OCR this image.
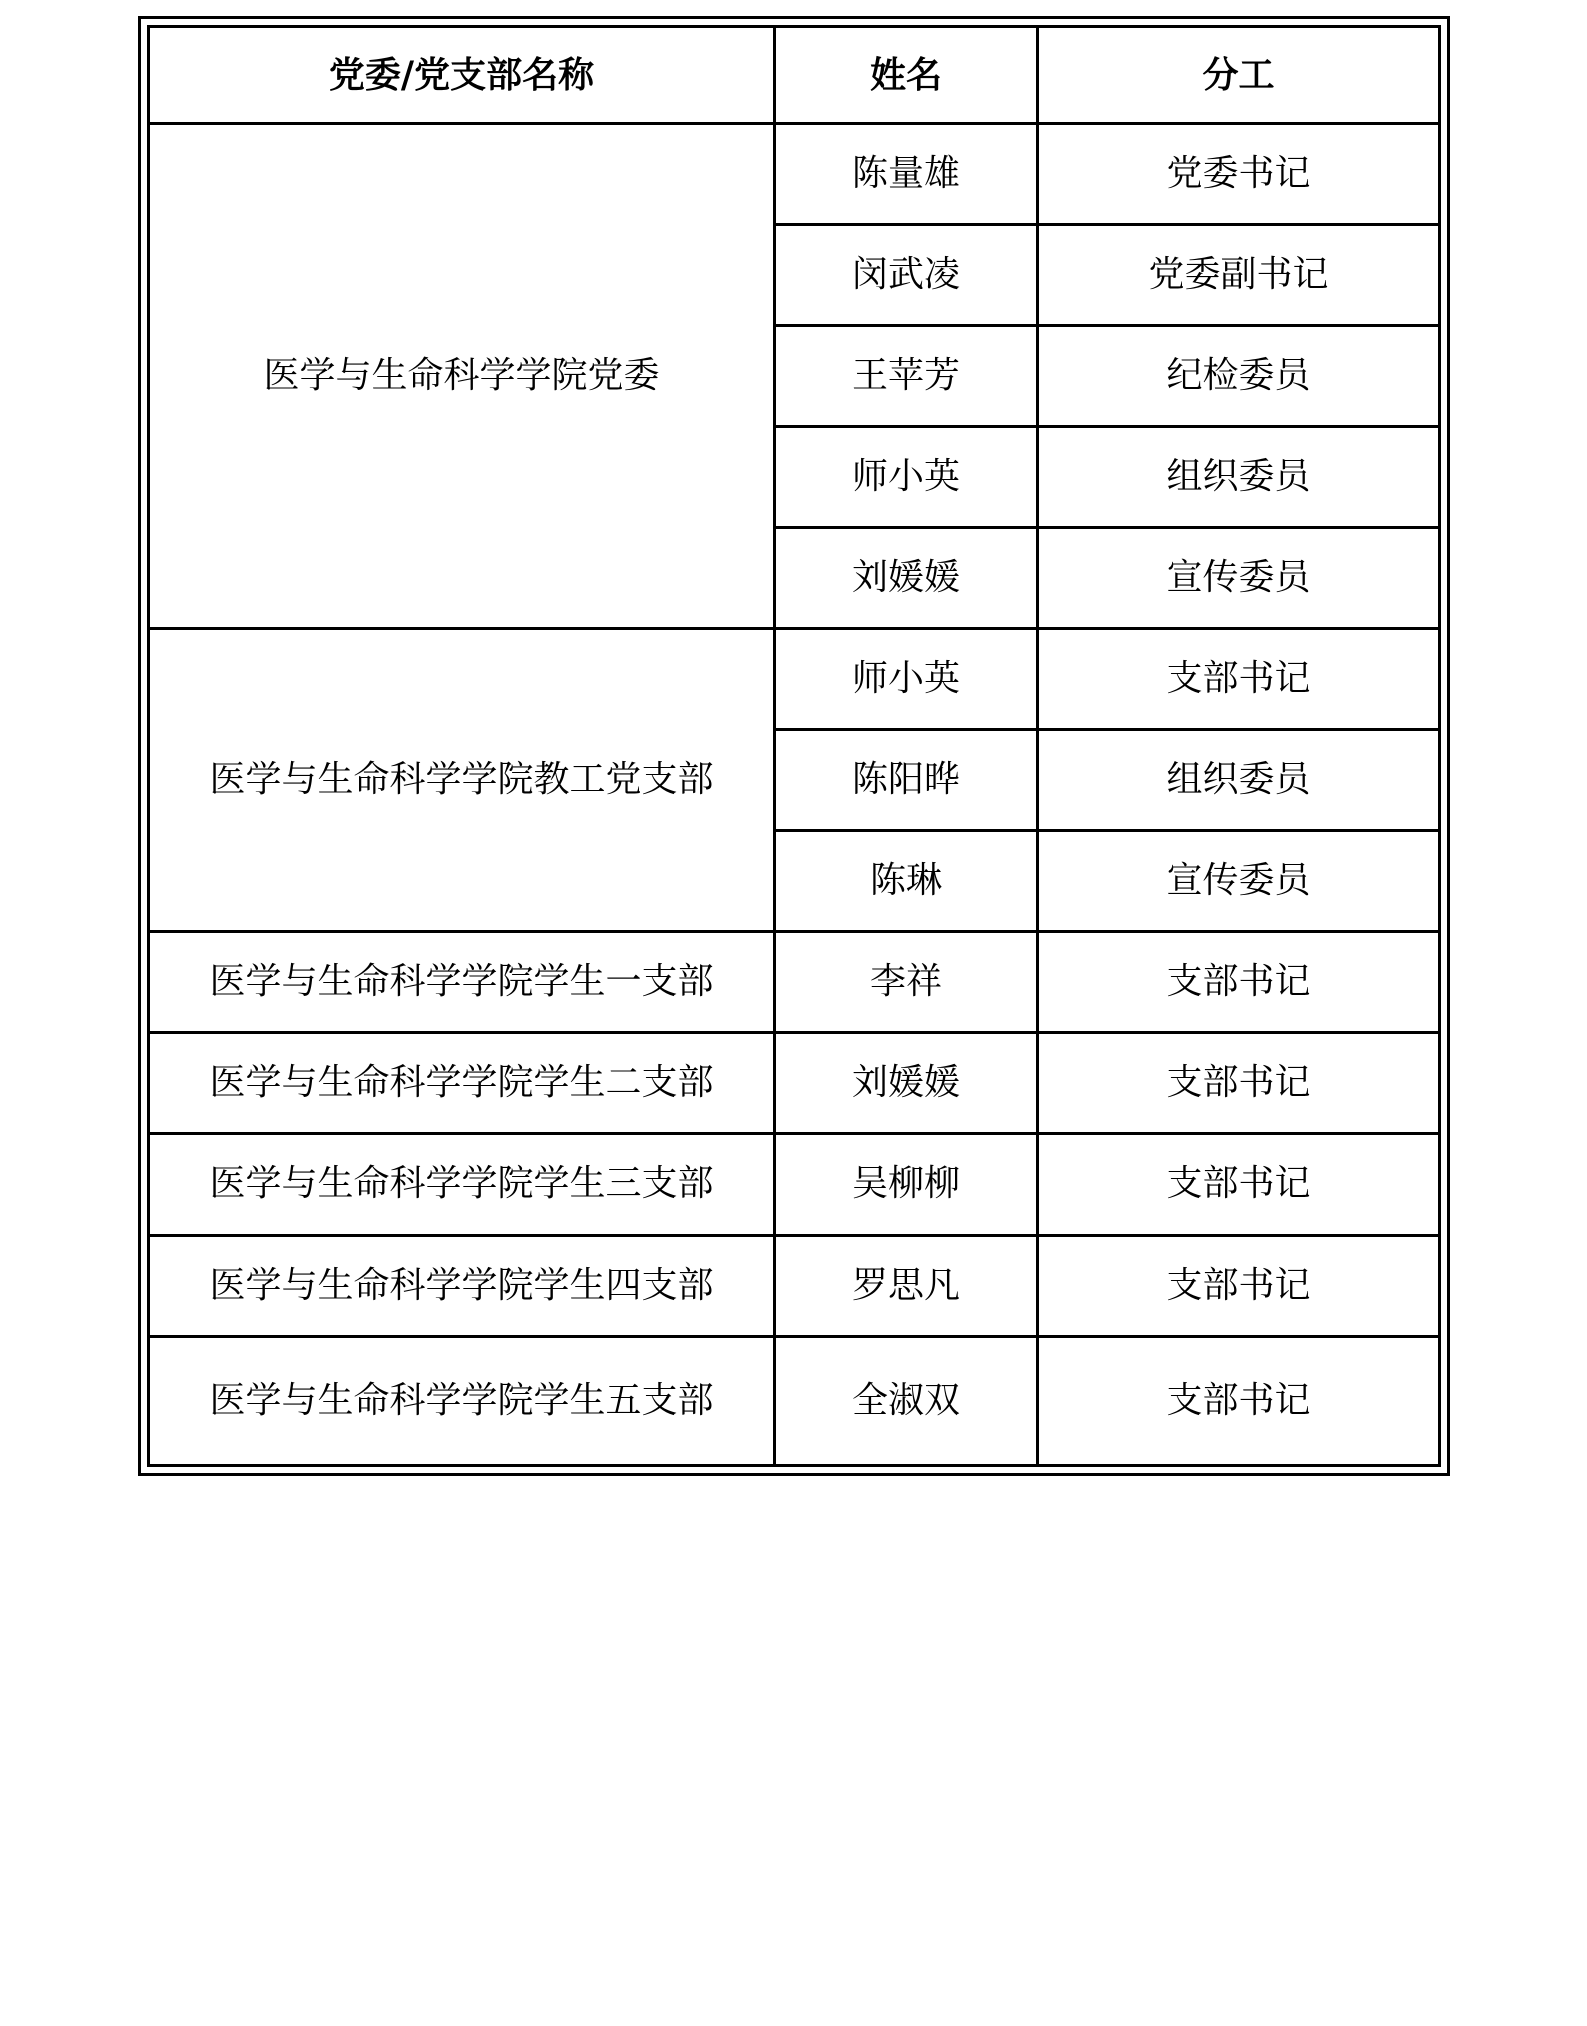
党委/党支部名称	姓名	分工
医学与生命科学学院党委	陈量雄	党委书记
	闵武凌	党委副书记
	王苹芳	纪检委员
	师小英	组织委员
	刘媛媛	宣传委员
医学与生命科学学院教工党支部	师小英	支部书记
	陈阳晔	组织委员
	陈琳	宣传委员
医学与生命科学学院学生一支部	李祥	支部书记
医学与生命科学学院学生二支部	刘媛媛	支部书记
医学与生命科学学院学生三支部	吴柳柳	支部书记
医学与生命科学学院学生四支部	罗思凡	支部书记
医学与生命科学学院学生五支部	全淑双	支部书记
